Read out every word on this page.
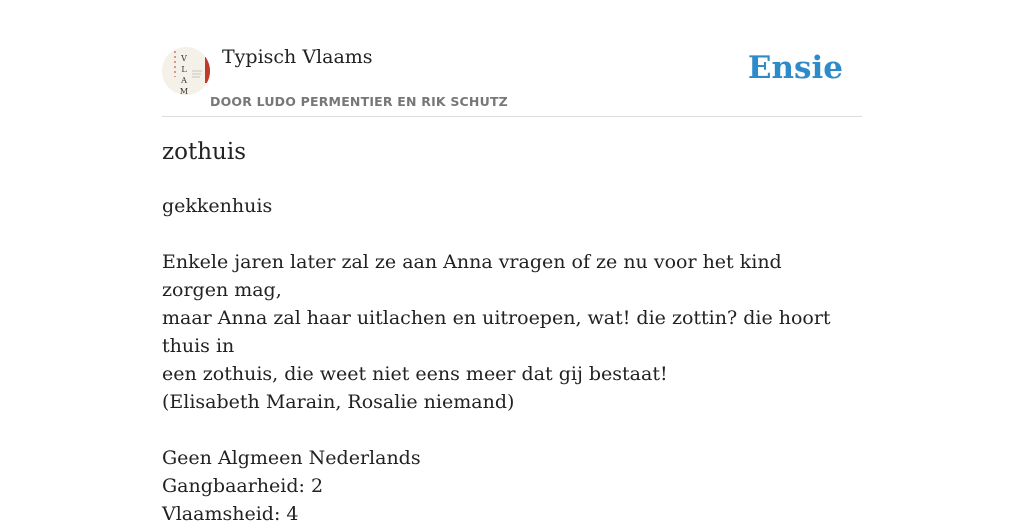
V
L
A
M
Typisch Vlaams
DOOR LUDO PERMENTIER EN RIK SCHUTZ
Ensie
zothuis

gekkenhuis

Enkele jaren later zal ze aan Anna vragen of ze nu voor het kind zorgen mag,

maar Anna zal haar uitlachen en uitroepen, wat! die zottin? die hoort thuis in

een zothuis, die weet niet eens meer dat gij bestaat!

(Elisabeth Marain, Rosalie niemand)

Geen Algmeen Nederlands

Gangbaarheid: 2

Vlaamsheid: 4
